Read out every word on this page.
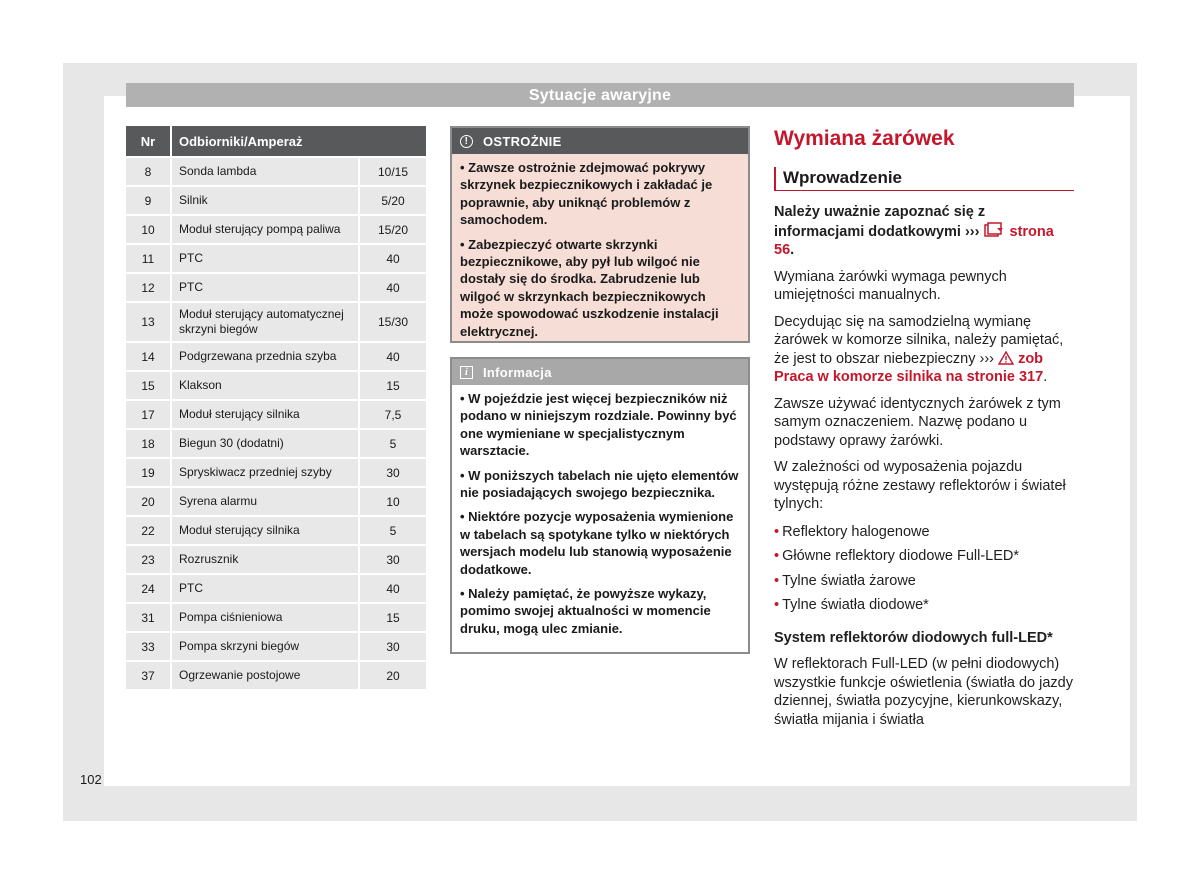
Sytuacje awaryjne
Nr	Odbiorniki/Amperaż	
8	Sonda lambda	10/15
9	Silnik	5/20
10	Moduł sterujący pompą paliwa	15/20
11	PTC	40
12	PTC	40
13	Moduł sterujący automatycznej skrzyni biegów	15/30
14	Podgrzewana przednia szyba	40
15	Klakson	15
17	Moduł sterujący silnika	7,5
18	Biegun 30 (dodatni)	5
19	Spryskiwacz przedniej szyby	30
20	Syrena alarmu	10
22	Moduł sterujący silnika	5
23	Rozrusznik	30
24	PTC	40
31	Pompa ciśnieniowa	15
33	Pompa skrzyni biegów	30
37	Ogrzewanie postojowe	20
!	OSTROŻNIE

• Zawsze ostrożnie zdejmować pokrywy skrzynek bezpiecznikowych i zakładać je poprawnie, aby uniknąć problemów z samochodem.

• Zabezpieczyć otwarte skrzynki bezpiecznikowe, aby pył lub wilgoć nie dostały się do środka. Zabrudzenie lub wilgoć w skrzynkach bezpiecznikowych może spowodować uszkodzenie instalacji elektrycznej.

i	Informacja

• W pojeździe jest więcej bezpieczników niż podano w niniejszym rozdziale. Powinny być one wymieniane w specjalistycznym warsztacie.

• W poniższych tabelach nie ujęto elementów nie posiadających swojego bezpiecznika.

• Niektóre pozycje wyposażenia wymienione w tabelach są spotykane tylko w niektórych wersjach modelu lub stanowią wyposażenie dodatkowe.

• Należy pamiętać, że powyższe wykazy, pomimo swojej aktualności w momencie druku, mogą ulec zmianie.

Wymiana żarówek
Wprowadzenie

Należy uważnie zapoznać się z informacjami dodatkowymi ››› strona 56.

Wymiana żarówki wymaga pewnych umiejętności manualnych.

Decydując się na samodzielną wymianę żarówek w komorze silnika, należy pamiętać, że jest to obszar niebezpieczny ››› zob Praca w komorze silnika na stronie 317.

Zawsze używać identycznych żarówek z tym samym oznaczeniem. Nazwę podano u podstawy oprawy żarówki.

W zależności od wyposażenia pojazdu występują różne zestawy reflektorów i świateł tylnych:

• Reflektory halogenowe
• Główne reflektory diodowe Full-LED*
• Tylne światła żarowe
• Tylne światła diodowe*

System reflektorów diodowych full-LED*

W reflektorach Full-LED (w pełni diodowych) wszystkie funkcje oświetlenia (światła do jazdy dziennej, światła pozycyjne, kierunkowskazy, światła mijania i światła

102
